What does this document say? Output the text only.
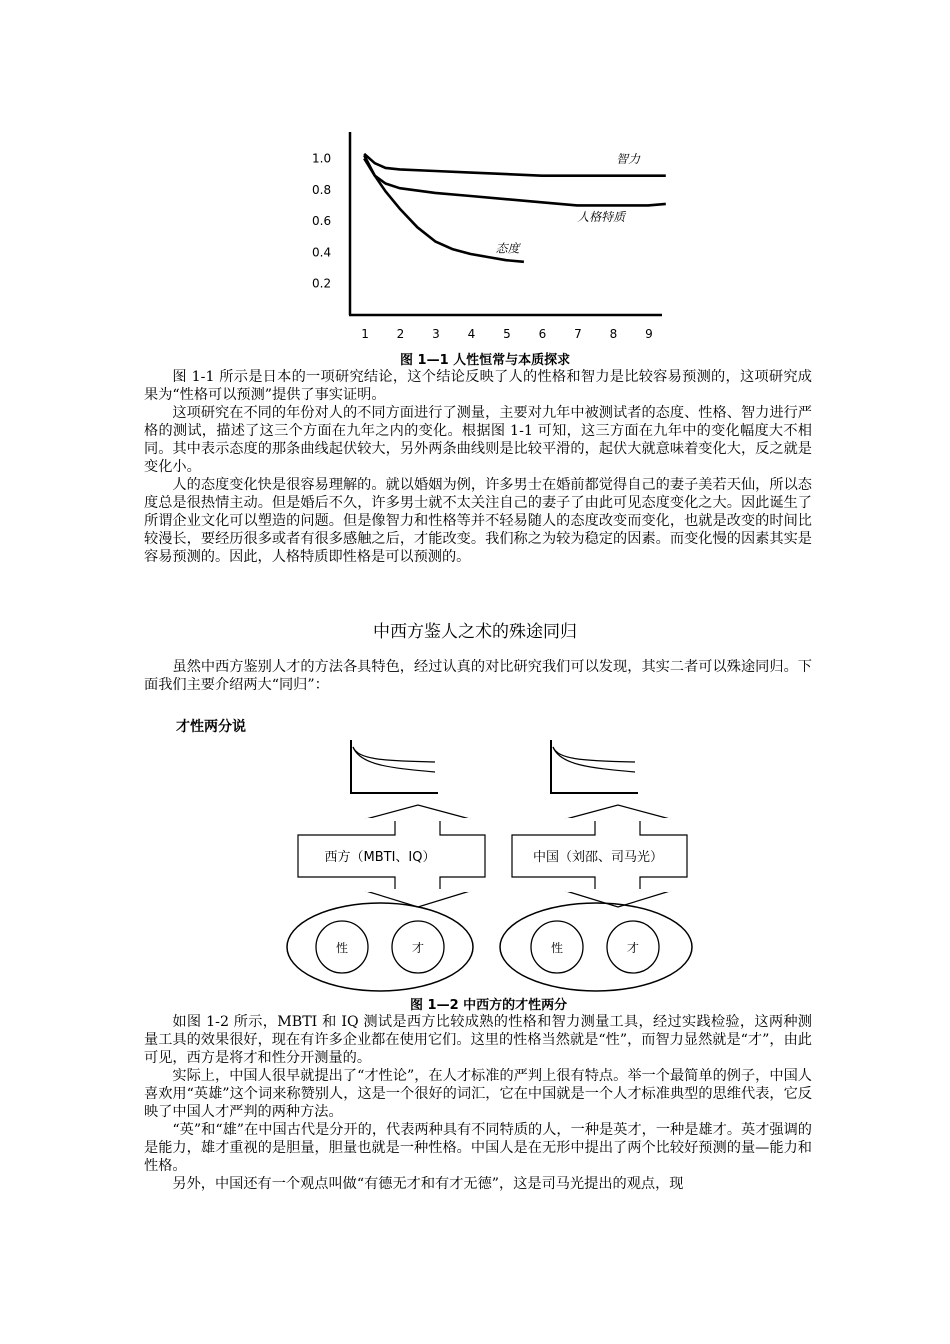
1.0
0.8
0.6
0.4
0.2
1 2 3 4 5 6 7 8 9
智力
人格特质
态度
图 1—1 人性恒常与本质探求

图 1-1 所示是日本的一项研究结论，这个结论反映了人的性格和智力是比较容易预测的，这项研究成果为“性格可以预测”提供了事实证明。

这项研究在不同的年份对人的不同方面进行了测量，主要对九年中被测试者的态度、性格、智力进行严格的测试，描述了这三个方面在九年之内的变化。根据图 1-1 可知，这三方面在九年中的变化幅度大不相同。其中表示态度的那条曲线起伏较大，另外两条曲线则是比较平滑的，起伏大就意味着变化大，反之就是变化小。

人的态度变化快是很容易理解的。就以婚姻为例，许多男士在婚前都觉得自己的妻子美若天仙，所以态度总是很热情主动。但是婚后不久，许多男士就不太关注自己的妻子了由此可见态度变化之大。因此诞生了所谓企业文化可以塑造的问题。但是像智力和性格等并不轻易随人的态度改变而变化，也就是改变的时间比较漫长，要经历很多或者有很多感触之后，才能改变。我们称之为较为稳定的因素。而变化慢的因素其实是容易预测的。因此，人格特质即性格是可以预测的。

中西方鉴人之术的殊途同归

虽然中西方鉴别人才的方法各具特色，经过认真的对比研究我们可以发现，其实二者可以殊途同归。下面我们主要介绍两大“同归”：

才性两分说
西方（MBTI、IQ）	中国（刘邵、司马光）
性	才	性	才
图 1—2 中西方的才性两分

如图 1-2 所示，MBTI 和 IQ 测试是西方比较成熟的性格和智力测量工具，经过实践检验，这两种测量工具的效果很好，现在有许多企业都在使用它们。这里的性格当然就是“性”，而智力显然就是“才”，由此可见，西方是将才和性分开测量的。

实际上，中国人很早就提出了“才性论”，在人才标准的严判上很有特点。举一个最简单的例子，中国人喜欢用“英雄”这个词来称赞别人，这是一个很好的词汇，它在中国就是一个人才标准典型的思维代表，它反映了中国人才严判的两种方法。

“英”和“雄”在中国古代是分开的，代表两种具有不同特质的人，一种是英才，一种是雄才。英才强调的是能力，雄才重视的是胆量，胆量也就是一种性格。中国人是在无形中提出了两个比较好预测的量—能力和性格。

另外，中国还有一个观点叫做“有德无才和有才无德”，这是司马光提出的观点，现
